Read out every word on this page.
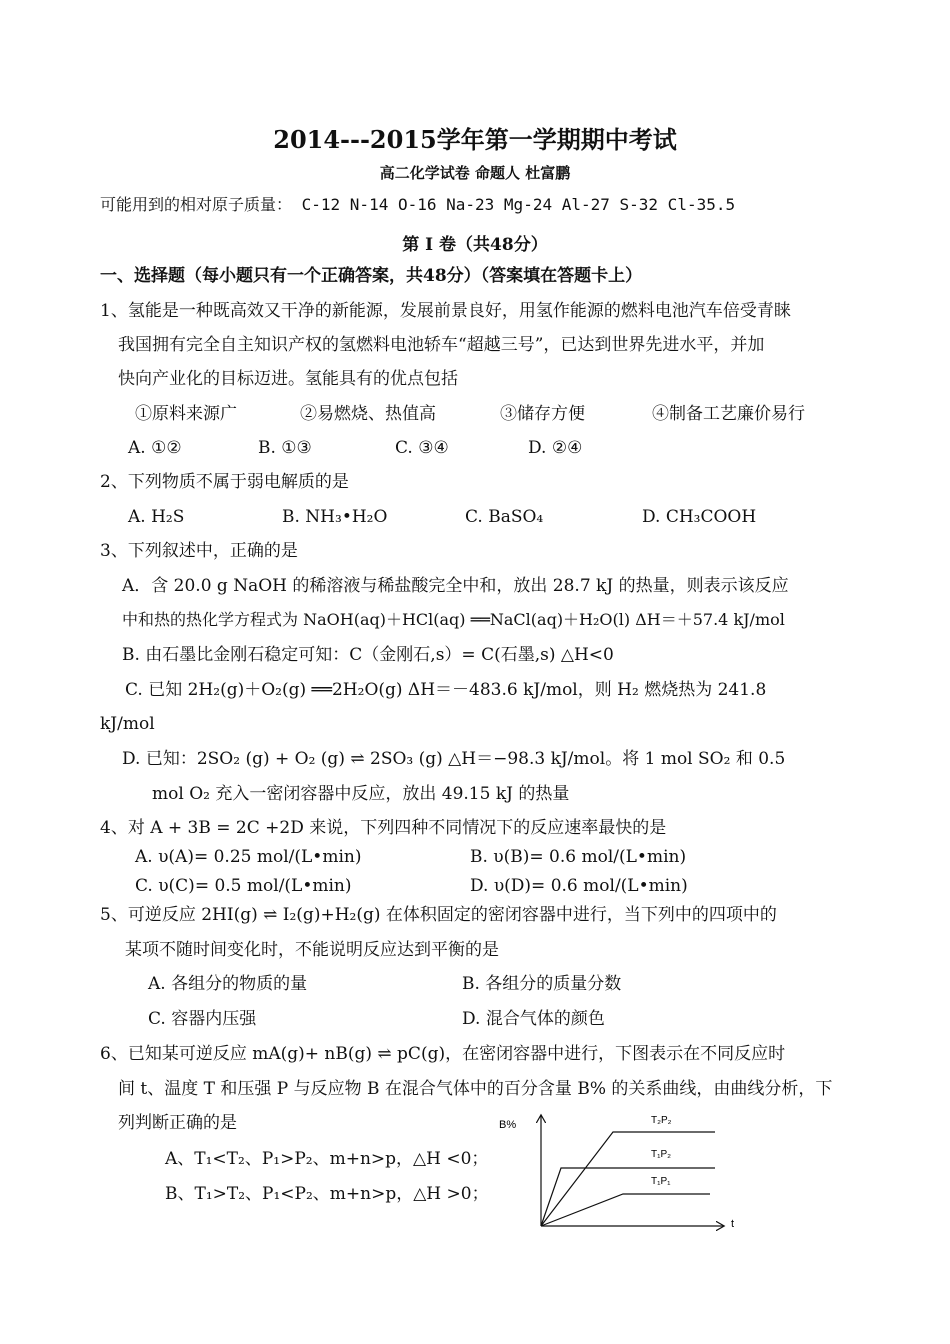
2014---2015学年第一学期期中考试
高二化学试卷 命题人 杜富鹏
可能用到的相对原子质量： C-12 N-14 O-16 Na-23 Mg-24 Al-27 S-32 Cl-35.5
第 I 卷（共48分）
一、选择题（每小题只有一个正确答案，共48分）（答案填在答题卡上）
1、氢能是一种既高效又干净的新能源，发展前景良好，用氢作能源的燃料电池汽车倍受青睐
我国拥有完全自主知识产权的氢燃料电池轿车“超越三号”，已达到世界先进水平，并加
快向产业化的目标迈进。氢能具有的优点包括
①原料来源广	②易燃烧、热值高	③储存方便	④制备工艺廉价易行
A. ①②	B. ①③	C. ③④	D. ②④
2、下列物质不属于弱电解质的是
A. H₂S	B. NH₃•H₂O	C. BaSO₄	D. CH₃COOH
3、下列叙述中，正确的是
A．含 20.0 g NaOH 的稀溶液与稀盐酸完全中和，放出 28.7 kJ 的热量，则表示该反应
中和热的热化学方程式为 NaOH(aq)＋HCl(aq) ══NaCl(aq)＋H₂O(l) ΔH＝＋57.4 kJ/mol
B. 由石墨比金刚石稳定可知：C（金刚石,s）= C(石墨,s) △H<0
C. 已知 2H₂(g)＋O₂(g) ══2H₂O(g) ΔH＝－483.6 kJ/mol，则 H₂ 燃烧热为 241.8
kJ/mol
D. 已知：2SO₂ (g) + O₂ (g) ⇌ 2SO₃ (g) △H＝−98.3 kJ/mol。将 1 mol SO₂ 和 0.5
mol O₂ 充入一密闭容器中反应，放出 49.15 kJ 的热量
4、对 A + 3B = 2C +2D 来说，下列四种不同情况下的反应速率最快的是
A. υ(A)= 0.25 mol/(L•min)	B. υ(B)= 0.6 mol/(L•min)
C. υ(C)= 0.5 mol/(L•min)	D. υ(D)= 0.6 mol/(L•min)
5、可逆反应 2HI(g) ⇌ I₂(g)+H₂(g) 在体积固定的密闭容器中进行，当下列中的四项中的
某项不随时间变化时，不能说明反应达到平衡的是
A. 各组分的物质的量	B. 各组分的质量分数
C. 容器内压强	D. 混合气体的颜色
6、已知某可逆反应 mA(g)+ nB(g) ⇌ pC(g)，在密闭容器中进行，下图表示在不同反应时
间 t、温度 T 和压强 P 与反应物 B 在混合气体中的百分含量 B% 的关系曲线，由曲线分析，下
列判断正确的是
A、T₁<T₂、P₁>P₂、m+n>p，△H <0；
B、T₁>T₂、P₁<P₂、m+n>p，△H >0；
B%
t
T₂P₂
T₁P₂
T₁P₁
